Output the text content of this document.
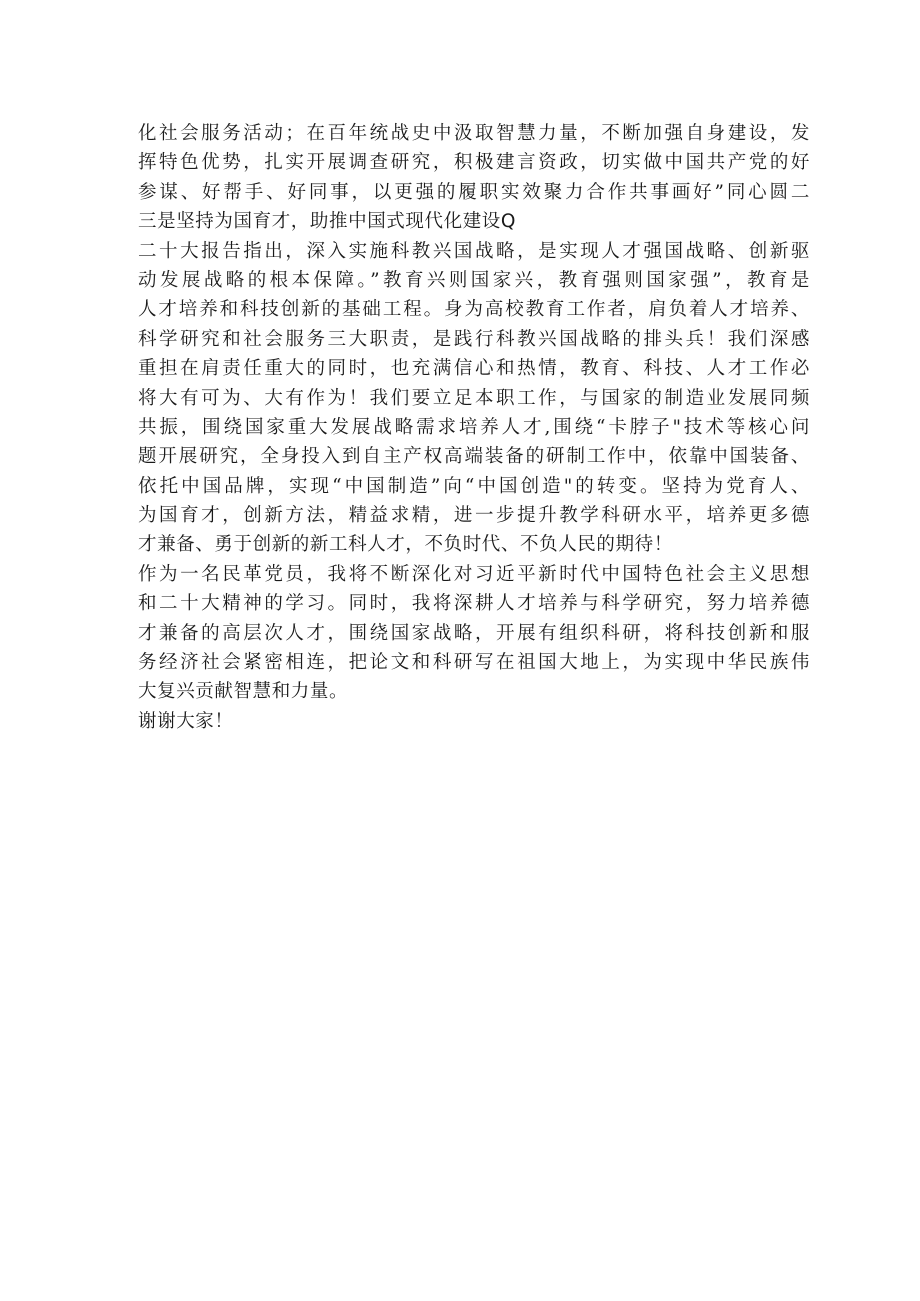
化社会服务活动；在百年统战史中汲取智慧力量，不断加强自身建设，发
挥特色优势，扎实开展调查研究，积极建言资政，切实做中国共产党的好
参谋、好帮手、好同事，以更强的履职实效聚力合作共事画好”同心圆二
三是坚持为国育才，助推中国式现代化建设Q
二十大报告指出，深入实施科教兴国战略，是实现人才强国战略、创新驱
动发展战略的根本保障。”教育兴则国家兴，教育强则国家强”，教育是
人才培养和科技创新的基础工程。身为高校教育工作者，肩负着人才培养、
科学研究和社会服务三大职责，是践行科教兴国战略的排头兵！我们深感
重担在肩责任重大的同时，也充满信心和热情，教育、科技、人才工作必
将大有可为、大有作为！我们要立足本职工作，与国家的制造业发展同频
共振，围绕国家重大发展战略需求培养人才,围绕“卡脖子"技术等核心问
题开展研究，全身投入到自主产权高端装备的研制工作中，依靠中国装备、
依托中国品牌，实现“中国制造”向“中国创造"的转变。坚持为党育人、
为国育才，创新方法，精益求精，进一步提升教学科研水平，培养更多德
才兼备、勇于创新的新工科人才，不负时代、不负人民的期待！
作为一名民革党员，我将不断深化对习近平新时代中国特色社会主义思想
和二十大精神的学习。同时，我将深耕人才培养与科学研究，努力培养德
才兼备的高层次人才，围绕国家战略，开展有组织科研，将科技创新和服
务经济社会紧密相连，把论文和科研写在祖国大地上，为实现中华民族伟
大复兴贡献智慧和力量。
谢谢大家！
